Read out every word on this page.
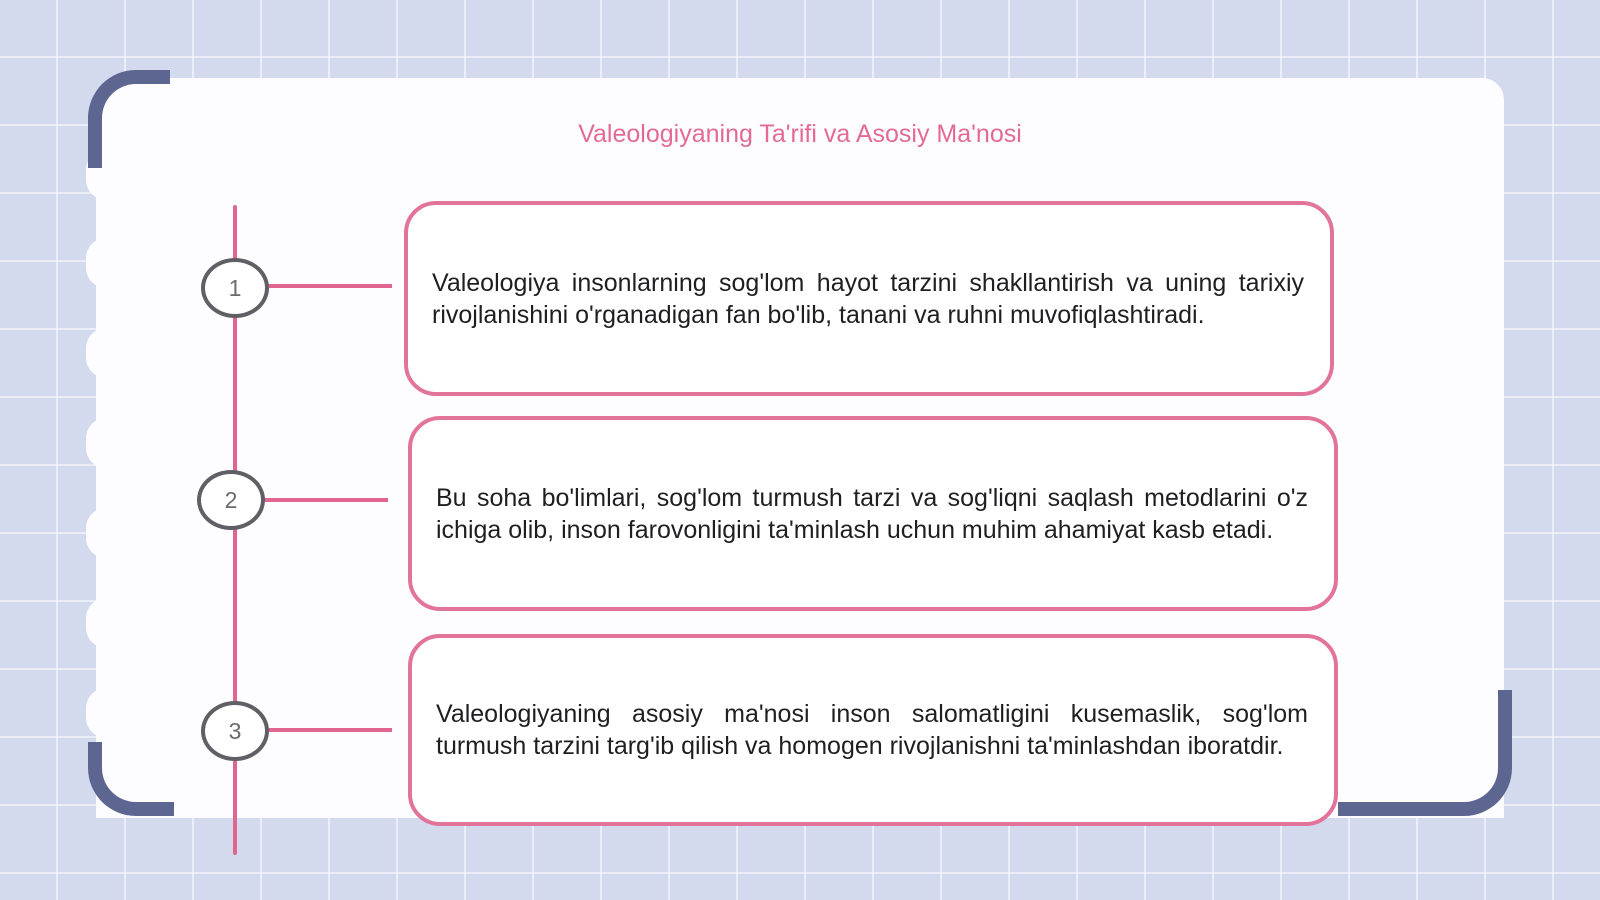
Valeologiyaning Ta'rifi va Asosiy Ma'nosi
1
2
3

Valeologiya insonlarning sog'lom hayot tarzini shakllantirish va uning tarixiy rivojlanishini o'rganadigan fan bo'lib, tanani va ruhni muvofiqlashtiradi.

Bu soha bo'limlari, sog'lom turmush tarzi va sog'liqni saqlash metodlarini o'z ichiga olib, inson farovonligini ta'minlash uchun muhim ahamiyat kasb etadi.

Valeologiyaning asosiy ma'nosi inson salomatligini kusemaslik, sog'lom turmush tarzini targ'ib qilish va homogen rivojlanishni ta'minlashdan iboratdir.
